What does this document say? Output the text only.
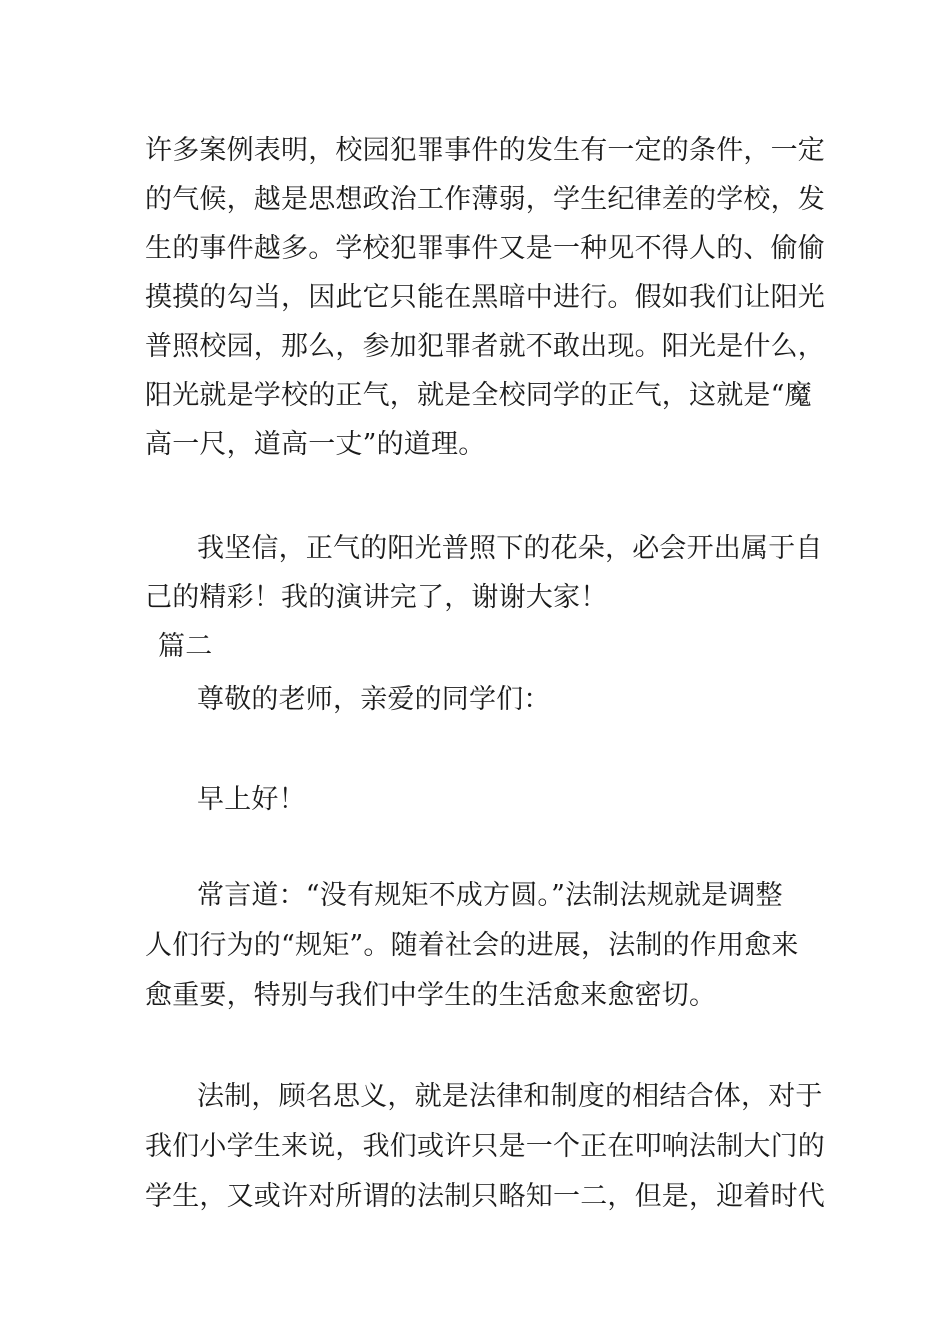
许多案例表明，校园犯罪事件的发生有一定的条件，一定
的气候，越是思想政治工作薄弱，学生纪律差的学校，发
生的事件越多。学校犯罪事件又是一种见不得人的、偷偷
摸摸的勾当，因此它只能在黑暗中进行。假如我们让阳光
普照校园，那么，参加犯罪者就不敢出现。阳光是什么，
阳光就是学校的正气，就是全校同学的正气，这就是“魔
高一尺，道高一丈”的道理。
我坚信，正气的阳光普照下的花朵，必会开出属于自
己的精彩！我的演讲完了，谢谢大家！
篇二
尊敬的老师，亲爱的同学们：
早上好！
常言道：“没有规矩不成方圆。”法制法规就是调整
人们行为的“规矩”。随着社会的进展，法制的作用愈来
愈重要，特别与我们中学生的生活愈来愈密切。
法制，顾名思义，就是法律和制度的相结合体，对于
我们小学生来说，我们或许只是一个正在叩响法制大门的
学生，又或许对所谓的法制只略知一二，但是，迎着时代
